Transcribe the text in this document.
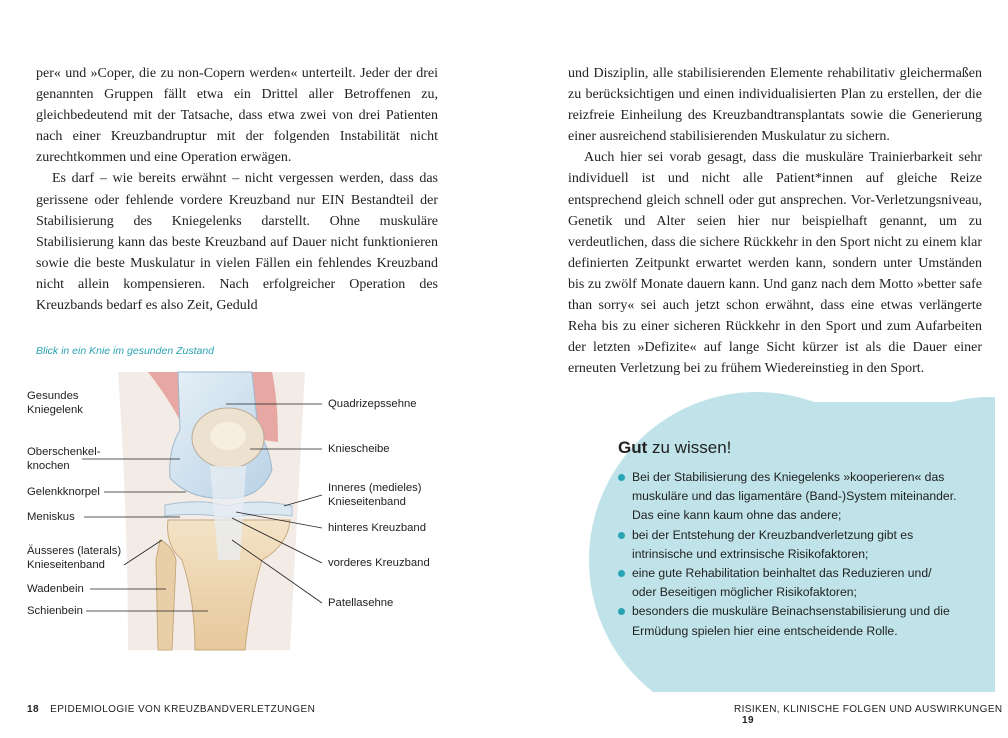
per« und »Coper, die zu non-Copern werden« unterteilt. Jeder der drei genannten Gruppen fällt etwa ein Drittel aller Betroffenen zu, gleichbedeutend mit der Tatsache, dass etwa zwei von drei Patienten nach einer Kreuzbandruptur mit der folgenden Instabilität nicht zurechtkommen und eine Operation erwägen.

Es darf – wie bereits erwähnt – nicht vergessen werden, dass das gerissene oder fehlende vordere Kreuzband nur EIN Bestandteil der Stabilisierung des Kniegelenks darstellt. Ohne muskuläre Stabilisierung kann das beste Kreuzband auf Dauer nicht funktionieren sowie die beste Muskulatur in vielen Fällen ein fehlendes Kreuzband nicht allein kompensieren. Nach erfolgreicher Operation des Kreuzbands bedarf es also Zeit, Geduld

Blick in ein Knie im gesunden Zustand
Gesundes
Kniegelenk
Oberschenkel-
knochen
Gelenkknorpel
Meniskus
Äusseres (laterals)
Knieseitenband
Wadenbein
Schienbein
Quadrizepssehne
Kniescheibe
Inneres (medieles)
Knieseitenband
hinteres Kreuzband
vorderes Kreuzband
Patellasehne
18 EPIDEMIOLOGIE VON KREUZBANDVERLETZUNGEN

und Disziplin, alle stabilisierenden Elemente rehabilitativ gleichermaßen zu berücksichtigen und einen individualisierten Plan zu erstellen, der die reizfreie Einheilung des Kreuzbandtransplantats sowie die Generierung einer ausreichend stabilisierenden Muskulatur zu sichern.

Auch hier sei vorab gesagt, dass die muskuläre Trainierbarkeit sehr individuell ist und nicht alle Patient*innen auf gleiche Reize entsprechend gleich schnell oder gut ansprechen. Vor-Verletzungsniveau, Genetik und Alter seien hier nur beispielhaft genannt, um zu verdeutlichen, dass die sichere Rückkehr in den Sport nicht zu einem klar definierten Zeitpunkt erwartet werden kann, sondern unter Umständen bis zu zwölf Monate dauern kann. Und ganz nach dem Motto »better safe than sorry« sei auch jetzt schon erwähnt, dass eine etwas verlängerte Reha bis zu einer sicheren Rückkehr in den Sport und zum Aufarbeiten der letzten »Defizite« auf lange Sicht kürzer ist als die Dauer einer erneuten Verletzung bei zu frühem Wiedereinstieg in den Sport.

Gut zu wissen!
Bei der Stabilisierung des Kniegelenks »kooperieren« das muskuläre und das ligamentäre (Band-)System miteinander. Das eine kann kaum ohne das andere;
bei der Entstehung der Kreuzbandverletzung gibt es intrinsische und extrinsische Risikofaktoren;
eine gute Rehabilitation beinhaltet das Reduzieren und/ oder Beseitigen möglicher Risikofaktoren;
besonders die muskuläre Beinachsenstabilisierung und die Ermüdung spielen hier eine entscheidende Rolle.
RISIKEN, KLINISCHE FOLGEN UND AUSWIRKUNGEN 19
